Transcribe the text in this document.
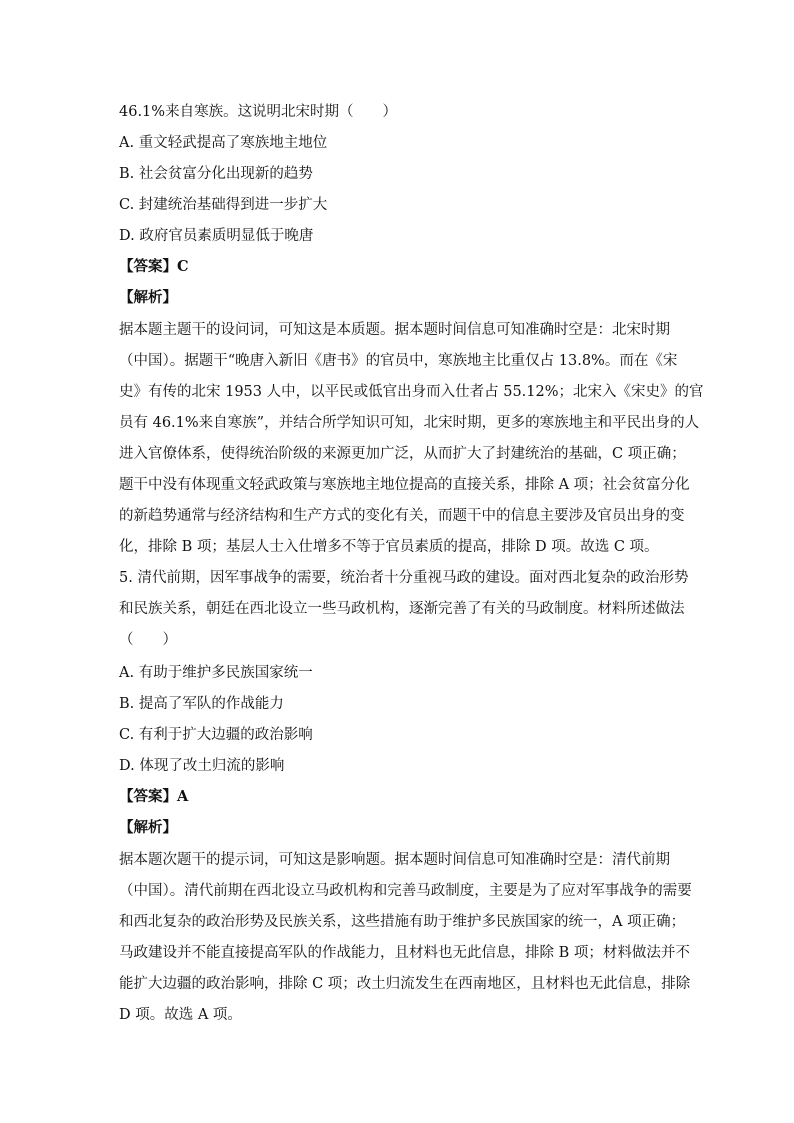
46.1%来自寒族。这说明北宋时期（　　）
A. 重文轻武提高了寒族地主地位
B. 社会贫富分化出现新的趋势
C. 封建统治基础得到进一步扩大
D. 政府官员素质明显低于晚唐
【答案】C
【解析】
据本题主题干的设问词，可知这是本质题。据本题时间信息可知准确时空是：北宋时期
（中国）。据题干“晚唐入新旧《唐书》的官员中，寒族地主比重仅占 13.8%。而在《宋
史》有传的北宋 1953 人中，以平民或低官出身而入仕者占 55.12%；北宋入《宋史》的官
员有 46.1%来自寒族”，并结合所学知识可知，北宋时期，更多的寒族地主和平民出身的人
进入官僚体系，使得统治阶级的来源更加广泛，从而扩大了封建统治的基础，C 项正确；
题干中没有体现重文轻武政策与寒族地主地位提高的直接关系，排除 A 项；社会贫富分化
的新趋势通常与经济结构和生产方式的变化有关，而题干中的信息主要涉及官员出身的变
化，排除 B 项；基层人士入仕增多不等于官员素质的提高，排除 D 项。故选 C 项。
5. 清代前期，因军事战争的需要，统治者十分重视马政的建设。面对西北复杂的政治形势
和民族关系，朝廷在西北设立一些马政机构，逐渐完善了有关的马政制度。材料所述做法
（　　）
A. 有助于维护多民族国家统一
B. 提高了军队的作战能力
C. 有利于扩大边疆的政治影响
D. 体现了改土归流的影响
【答案】A
【解析】
据本题次题干的提示词，可知这是影响题。据本题时间信息可知准确时空是：清代前期
（中国）。清代前期在西北设立马政机构和完善马政制度，主要是为了应对军事战争的需要
和西北复杂的政治形势及民族关系，这些措施有助于维护多民族国家的统一，A 项正确；
马政建设并不能直接提高军队的作战能力，且材料也无此信息，排除 B 项；材料做法并不
能扩大边疆的政治影响，排除 C 项；改土归流发生在西南地区，且材料也无此信息，排除
D 项。故选 A 项。
